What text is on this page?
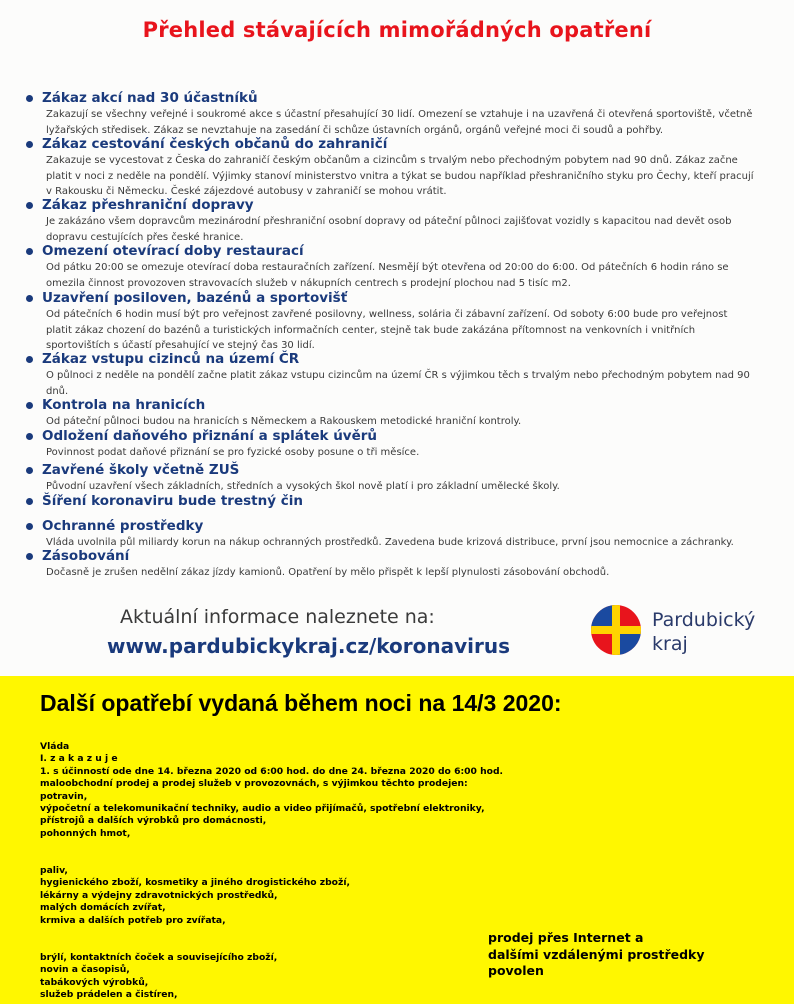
Přehled stávajících mimořádných opatření
Zákaz akcí nad 30 účastníků
Zakazují se všechny veřejné i soukromé akce s účastní přesahující 30 lidí. Omezení se vztahuje i na uzavřená či otevřená sportoviště, včetně
lyžařských středisek. Zákaz se nevztahuje na zasedání či schůze ústavních orgánů, orgánů veřejné moci či soudů a pohřby.
Zákaz cestování českých občanů do zahraničí
Zakazuje se vycestovat z Česka do zahraničí českým občanům a cizincům s trvalým nebo přechodným pobytem nad 90 dnů. Zákaz začne
platit v noci z neděle na pondělí. Výjimky stanoví ministerstvo vnitra a týkat se budou například přeshraničního styku pro Čechy, kteří pracují
v Rakousku či Německu. České zájezdové autobusy v zahraničí se mohou vrátit.
Zákaz přeshraniční dopravy
Je zakázáno všem dopravcům mezinárodní přeshraniční osobní dopravy od páteční půlnoci zajišťovat vozidly s kapacitou nad devět osob
dopravu cestujících přes české hranice.
Omezení otevírací doby restaurací
Od pátku 20:00 se omezuje otevírací doba restauračních zařízení. Nesmějí být otevřena od 20:00 do 6:00. Od pátečních 6 hodin ráno se
omezila činnost provozoven stravovacích služeb v nákupních centrech s prodejní plochou nad 5 tisíc m2.
Uzavření posiloven, bazénů a sportovišť
Od pátečních 6 hodin musí být pro veřejnost zavřené posilovny, wellness, solária či zábavní zařízení. Od soboty 6:00 bude pro veřejnost
platit zákaz chození do bazénů a turistických informačních center, stejně tak bude zakázána přítomnost na venkovních i vnitřních
sportovištích s účastí přesahující ve stejný čas 30 lidí.
Zákaz vstupu cizinců na území ČR
O půlnoci z neděle na pondělí začne platit zákaz vstupu cizincům na území ČR s výjimkou těch s trvalým nebo přechodným pobytem nad 90
dnů.
Kontrola na hranicích
Od páteční půlnoci budou na hranicích s Německem a Rakouskem metodické hraniční kontroly.
Odložení daňového přiznání a splátek úvěrů
Povinnost podat daňové přiznání se pro fyzické osoby posune o tři měsíce.
Zavřené školy včetně ZUŠ
Původní uzavření všech základních, středních a vysokých škol nově platí i pro základní umělecké školy.
Šíření koronaviru bude trestný čin
Ochranné prostředky
Vláda uvolnila půl miliardy korun na nákup ochranných prostředků. Zavedena bude krizová distribuce, první jsou nemocnice a záchranky.
Zásobování
Dočasně je zrušen nedělní zákaz jízdy kamionů. Opatření by mělo přispět k lepší plynulosti zásobování obchodů.
Aktuální informace naleznete na:
www.pardubickykraj.cz/koronavirus
Pardubický
kraj
Další opatřebí vydaná během noci na 14/3 2020:
Vláda
I. z a k a z u j e
1. s účinností ode dne 14. března 2020 od 6:00 hod. do dne 24. března 2020 do 6:00 hod.
maloobchodní prodej a prodej služeb v provozovnách, s výjimkou těchto prodejen:
potravin,
výpočetní a telekomunikační techniky, audio a video přijímačů, spotřební elektroniky,
přístrojů a dalších výrobků pro domácnosti,
pohonných hmot,
paliv,
hygienického zboží, kosmetiky a jiného drogistického zboží,
lékárny a výdejny zdravotnických prostředků,
malých domácích zvířat,
krmiva a dalších potřeb pro zvířata,
brýlí, kontaktních čoček a souvisejícího zboží,
novin a časopisů,
tabákových výrobků,
služeb prádelen a čistíren,
prodej přes Internet a
dalšími vzdálenými prostředky
povolen
